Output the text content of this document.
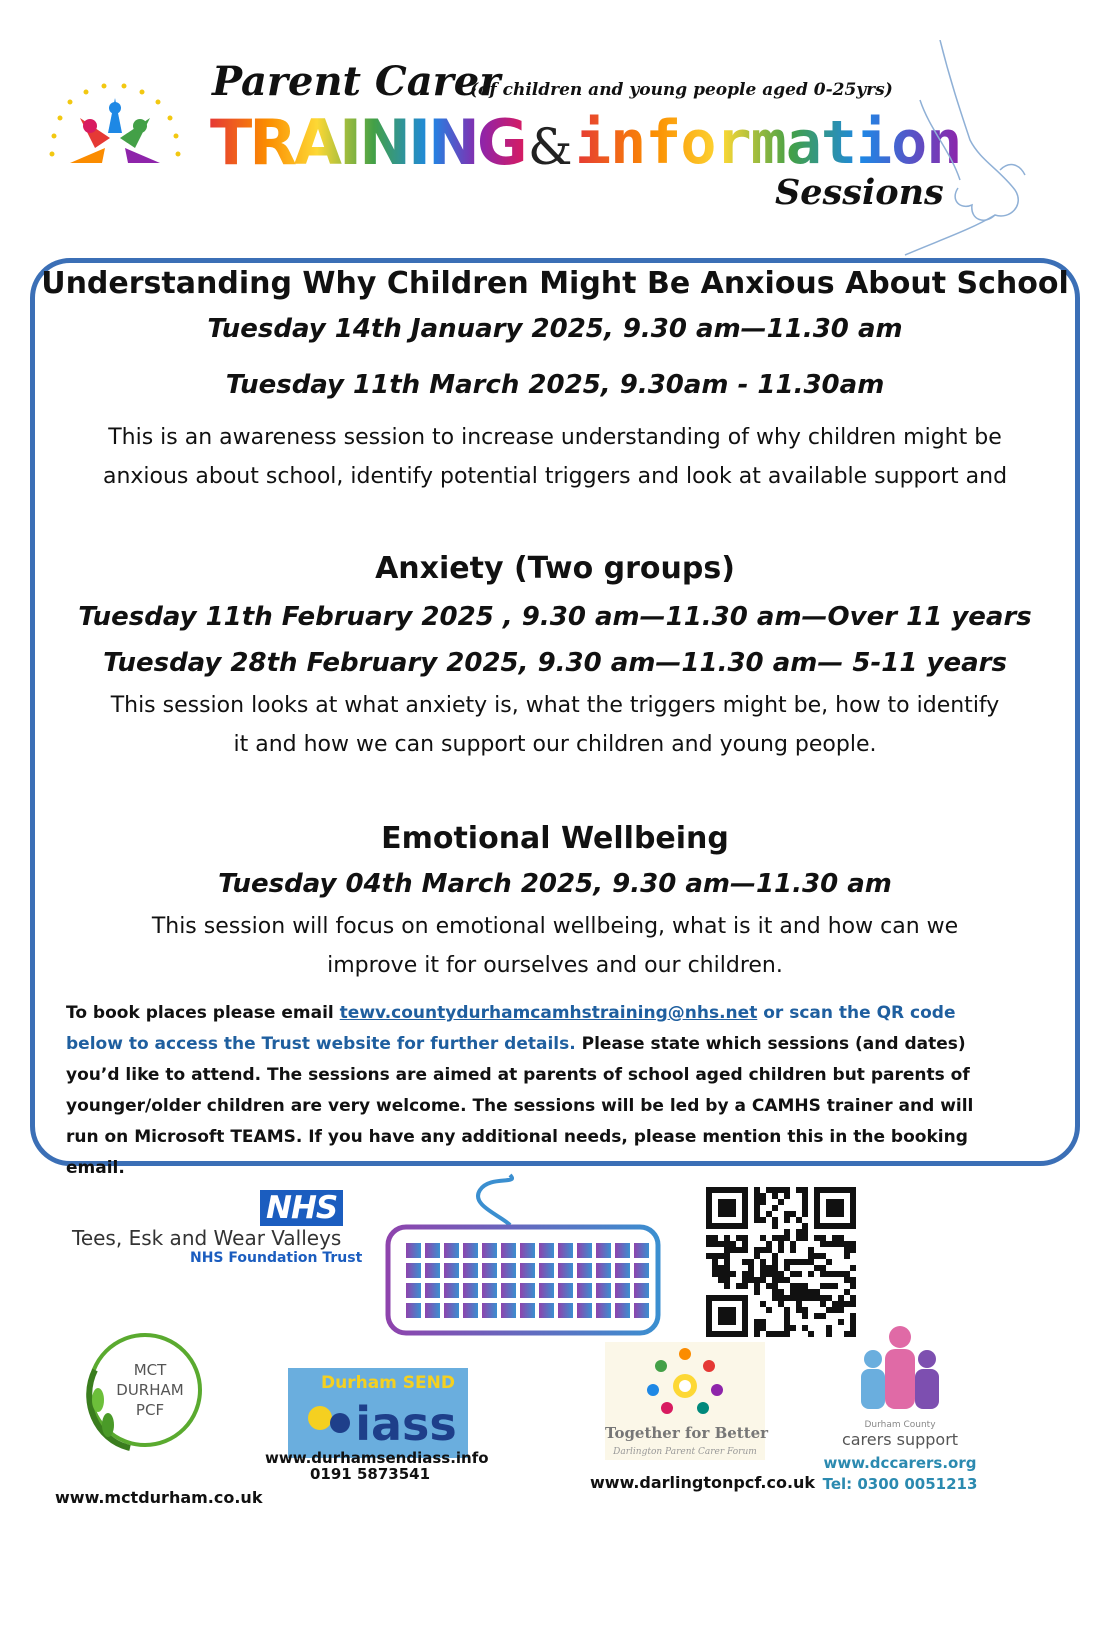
Parent Carer
(of children and young people aged 0-25yrs)
TRAINING & information
Sessions
Understanding Why Children Might Be Anxious About School
Tuesday 14th January 2025, 9.30 am—11.30 am
Tuesday 11th March 2025, 9.30am - 11.30am
This is an awareness session to increase understanding of why children might be
anxious about school, identify potential triggers and look at available support and
Anxiety (Two groups)
Tuesday 11th February 2025 , 9.30 am—11.30 am—Over 11 years
Tuesday 28th February 2025, 9.30 am—11.30 am— 5-11 years
This session looks at what anxiety is, what the triggers might be, how to identify
it and how we can support our children and young people.
Emotional Wellbeing
Tuesday 04th March 2025, 9.30 am—11.30 am
This session will focus on emotional wellbeing, what is it and how can we
improve it for ourselves and our children.
To book places please email tewv.countydurhamcamhstraining@nhs.net or scan the QR code below to access the Trust website for further details. Please state which sessions (and dates) you’d like to attend. The sessions are aimed at parents of school aged children but parents of younger/older children are very welcome. The sessions will be led by a CAMHS trainer and will run on Microsoft TEAMS. If you have any additional needs, please mention this in the booking email.
NHS
Tees, Esk and Wear Valleys
NHS Foundation Trust
MCT
DURHAM
PCF
www.mctdurham.co.uk
Durham SEND
iass
www.durhamsendiass.info
0191 5873541
Together for Better
Darlington Parent Carer Forum
www.darlingtonpcf.co.uk
Durham County
carers support
www.dccarers.org
Tel: 0300 0051213
